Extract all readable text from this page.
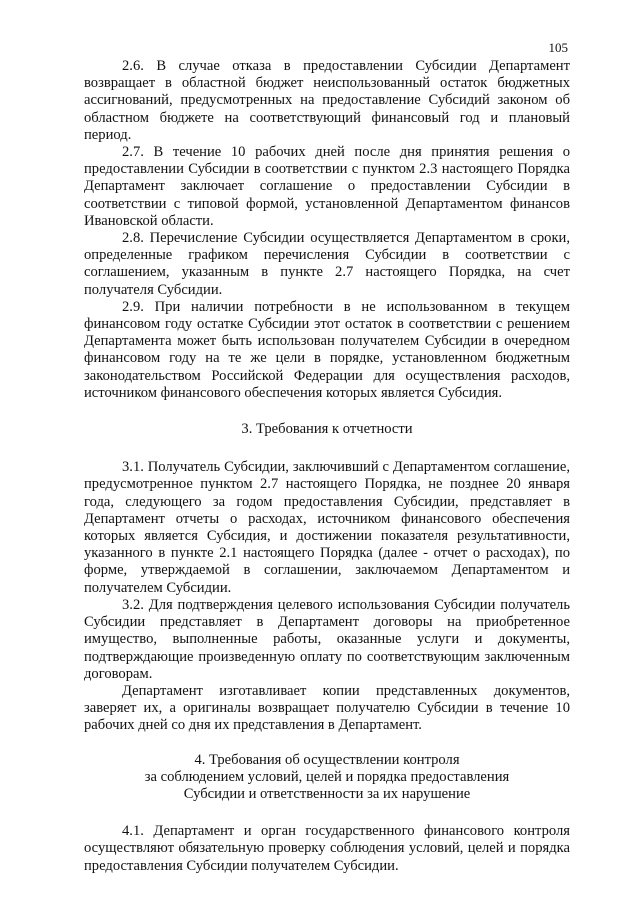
105

2.6. В случае отказа в предоставлении Субсидии Департамент возвращает в областной бюджет неиспользованный остаток бюджетных ассигнований, предусмотренных на предоставление Субсидий законом об областном бюджете на соответствующий финансовый год и плановый период.

2.7. В течение 10 рабочих дней после дня принятия решения о предоставлении Субсидии в соответствии с пунктом 2.3 настоящего Порядка Департамент заключает соглашение о предоставлении Субсидии в соответствии с типовой формой, установленной Департаментом финансов Ивановской области.

2.8. Перечисление Субсидии осуществляется Департаментом в сроки, определенные графиком перечисления Субсидии в соответствии с соглашением, указанным в пункте 2.7 настоящего Порядка, на счет получателя Субсидии.

2.9. При наличии потребности в не использованном в текущем финансовом году остатке Субсидии этот остаток в соответствии с решением Департамента может быть использован получателем Субсидии в очередном финансовом году на те же цели в порядке, установленном бюджетным законодательством Российской Федерации для осуществления расходов, источником финансового обеспечения которых является Субсидия.

3. Требования к отчетности

3.1. Получатель Субсидии, заключивший с Департаментом соглашение, предусмотренное пунктом 2.7 настоящего Порядка, не позднее 20 января года, следующего за годом предоставления Субсидии, представляет в Департамент отчеты о расходах, источником финансового обеспечения которых является Субсидия, и достижении показателя результативности, указанного в пункте 2.1 настоящего Порядка (далее - отчет о расходах), по форме, утверждаемой в соглашении, заключаемом Департаментом и получателем Субсидии.

3.2. Для подтверждения целевого использования Субсидии получатель Субсидии представляет в Департамент договоры на приобретенное имущество, выполненные работы, оказанные услуги и документы, подтверждающие произведенную оплату по соответствующим заключенным договорам.

Департамент изготавливает копии представленных документов, заверяет их, а оригиналы возвращает получателю Субсидии в течение 10 рабочих дней со дня их представления в Департамент.

4. Требования об осуществлении контроля
за соблюдением условий, целей и порядка предоставления
Субсидии и ответственности за их нарушение

4.1. Департамент и орган государственного финансового контроля осуществляют обязательную проверку соблюдения условий, целей и порядка предоставления Субсидии получателем Субсидии.
